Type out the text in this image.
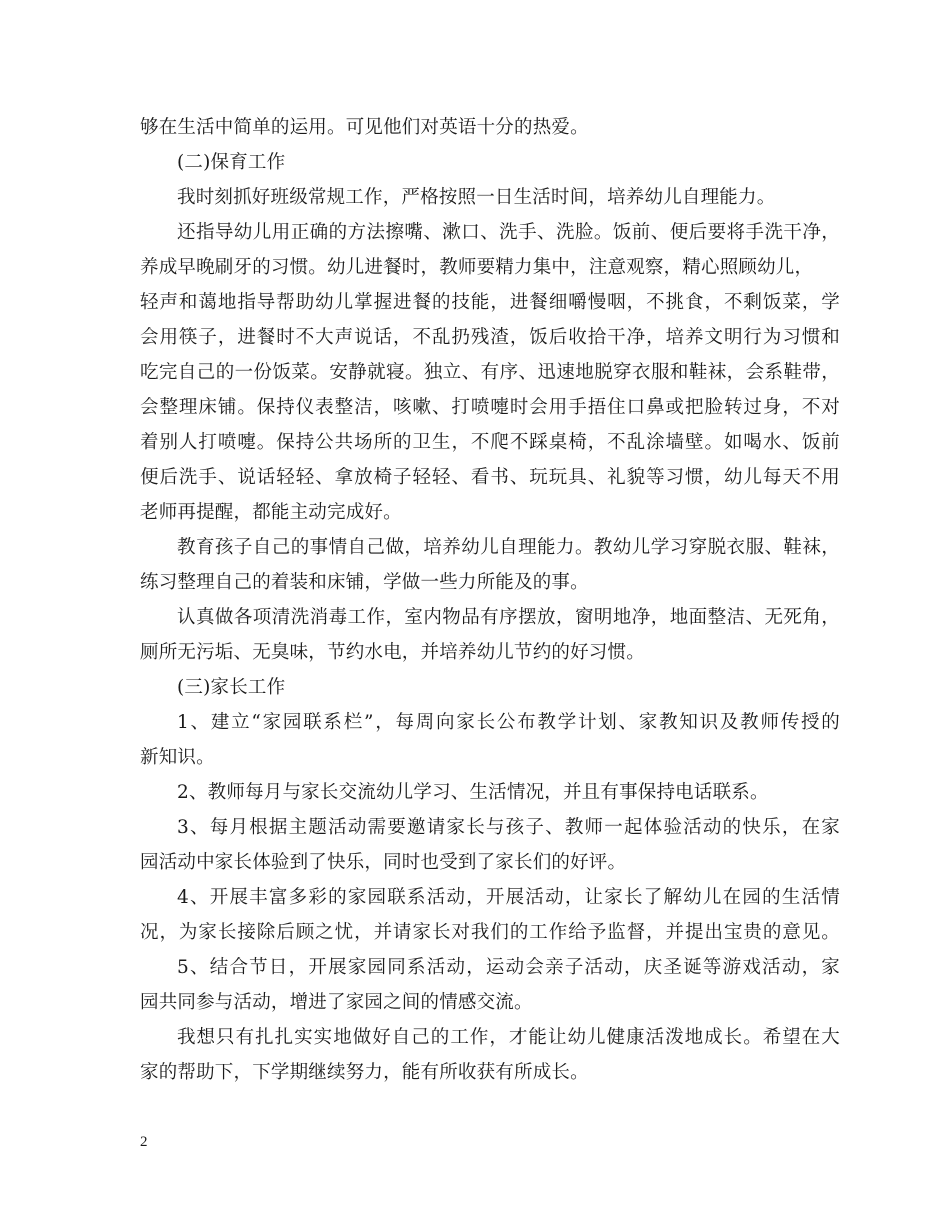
够在生活中简单的运用。可见他们对英语十分的热爱。
(二)保育工作
我时刻抓好班级常规工作，严格按照一日生活时间，培养幼儿自理能力。
还指导幼儿用正确的方法擦嘴、漱口、洗手、洗脸。饭前、便后要将手洗干净，
养成早晚刷牙的习惯。幼儿进餐时，教师要精力集中，注意观察，精心照顾幼儿，
轻声和蔼地指导帮助幼儿掌握进餐的技能，进餐细嚼慢咽，不挑食，不剩饭菜，学
会用筷子，进餐时不大声说话，不乱扔残渣，饭后收拾干净，培养文明行为习惯和
吃完自己的一份饭菜。安静就寝。独立、有序、迅速地脱穿衣服和鞋袜，会系鞋带，
会整理床铺。保持仪表整洁，咳嗽、打喷嚏时会用手捂住口鼻或把脸转过身，不对
着别人打喷嚏。保持公共场所的卫生，不爬不踩桌椅，不乱涂墙壁。如喝水、饭前
便后洗手、说话轻轻、拿放椅子轻轻、看书、玩玩具、礼貌等习惯，幼儿每天不用
老师再提醒，都能主动完成好。
教育孩子自己的事情自己做，培养幼儿自理能力。教幼儿学习穿脱衣服、鞋袜，
练习整理自己的着装和床铺，学做一些力所能及的事。
认真做各项清洗消毒工作，室内物品有序摆放，窗明地净，地面整洁、无死角，
厕所无污垢、无臭味，节约水电，并培养幼儿节约的好习惯。
(三)家长工作
1、建立“家园联系栏”，每周向家长公布教学计划、家教知识及教师传授的
新知识。
2、教师每月与家长交流幼儿学习、生活情况，并且有事保持电话联系。
3、每月根据主题活动需要邀请家长与孩子、教师一起体验活动的快乐，在家
园活动中家长体验到了快乐，同时也受到了家长们的好评。
4、开展丰富多彩的家园联系活动，开展活动，让家长了解幼儿在园的生活情
况，为家长接除后顾之忧，并请家长对我们的工作给予监督，并提出宝贵的意见。
5、结合节日，开展家园同系活动，运动会亲子活动，庆圣诞等游戏活动，家
园共同参与活动，增进了家园之间的情感交流。
我想只有扎扎实实地做好自己的工作，才能让幼儿健康活泼地成长。希望在大
家的帮助下，下学期继续努力，能有所收获有所成长。
2
